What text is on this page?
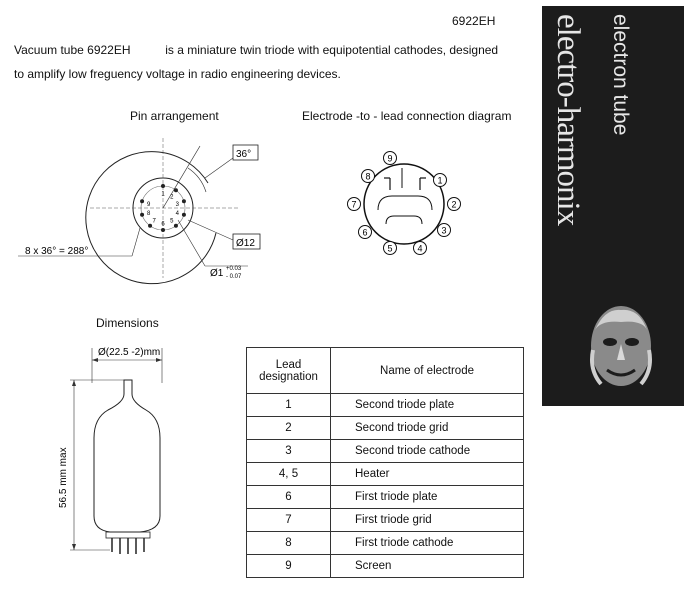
6922EH
Vacuum tube 6922EH	is a miniature twin triode with equipotential cathodes, designed
to amplify low freguency voltage in radio engineering devices.
Pin arrangement	Electrode -to - lead connection diagram
Dimensions
36°
Ø12
Ø1 +0.03
- 0.07
8 x 36° = 288°
1 2
3
4
5
6
7
8
9
1
2
3
4
5
6
7
8
9
Ø(22.5 -2)mm
56.5 mm max
Lead
designation	Name of electrode
1	Second triode plate
2	Second triode grid
3	Second triode cathode
4, 5	Heater
6	First triode plate
7	First triode grid
8	First triode cathode
9	Screen
electro-harmonix electron tube
